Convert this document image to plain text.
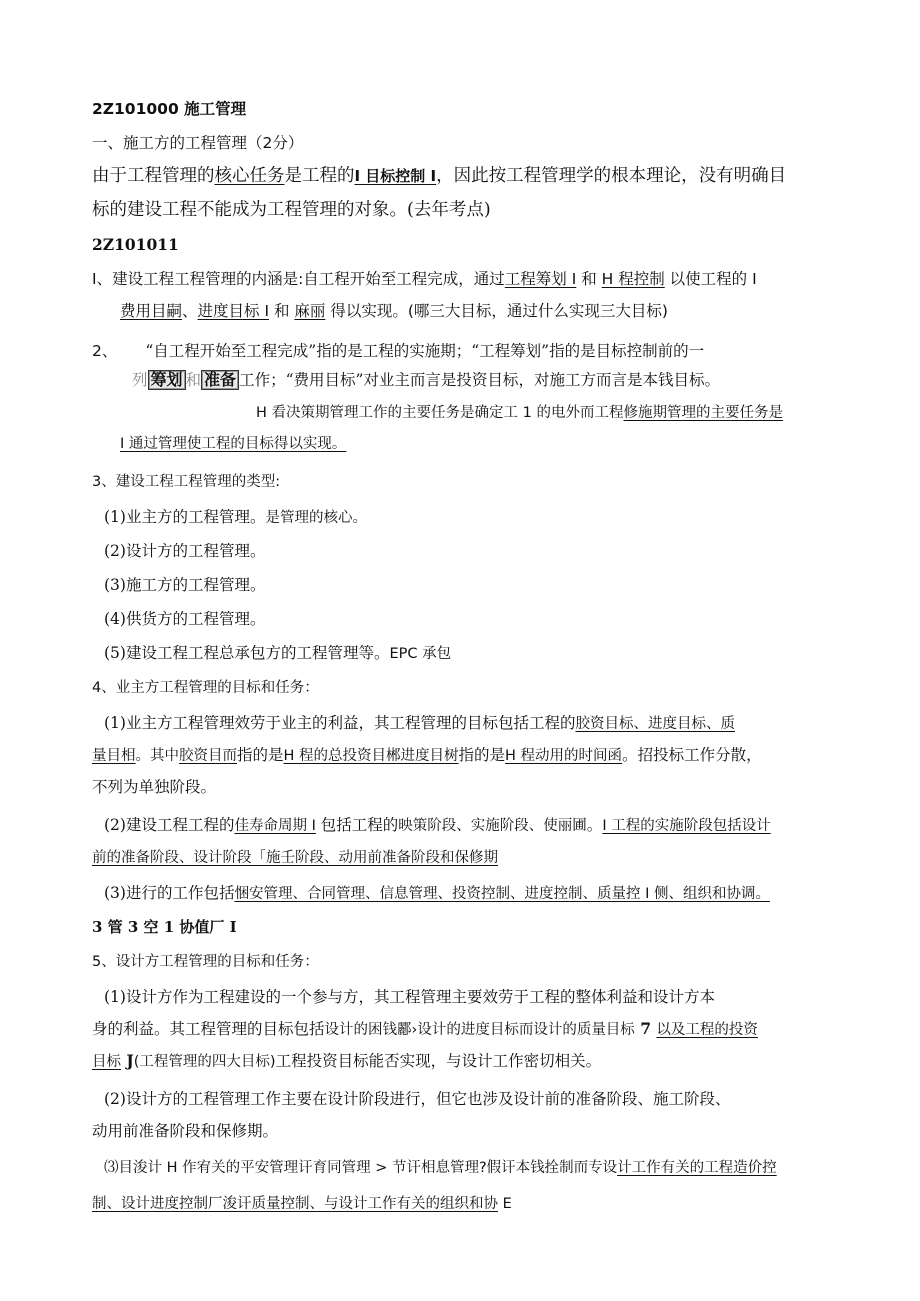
2Z101000 施工管理
一、施工方的工程管理（2分）
由于工程管理的核心任务是工程的I 目标控制 I，因此按工程管理学的根本理论，没有明确目
标的建设工程不能成为工程管理的对象。(去年考点)
2Z101011
I、建设工程工程管理的内涵是:自工程开始至工程完成，通过工程筹划 I 和 H 程控制 以使工程的 I
费用目嗣、进度目标 I 和 麻丽 得以实现。(哪三大目标，通过什么实现三大目标)
2、 “自工程开始至工程完成”指的是工程的实施期；“工程筹划”指的是目标控制前的一
列 筹划 和 准备 工作；“费用目标”对业主而言是投资目标，对施工方而言是本钱目标。
H 看决策期管理工作的主要任务是确定工 1 的电外而工程修施期管理的主要任务是
I 通过管理使工程的目标得以实现。
3、建设工程工程管理的类型:
(1)业主方的工程管理。是管理的核心。
(2)设计方的工程管理。
(3)施工方的工程管理。
(4)供货方的工程管理。
(5)建设工程工程总承包方的工程管理等。EPC 承包
4、业主方工程管理的目标和任务：
(1)业主方工程管理效劳于业主的利益，其工程管理的目标包括工程的胶资目标、进度目标、质
量目相。其中胶资目而指的是H 程的总投资目郴进度目树指的是H 程动用的时间函。招投标工作分散，
不列为单独阶段。
(2)建设工程工程的佳寿命周期 I 包括工程的映策阶段、实施阶段、使丽圃。I 工程的实施阶段包括设计
前的准备阶段、设计阶段「施壬阶段、动用前准备阶段和保修期
(3)进行的工作包括悃安管理、合同管理、信息管理、投资控制、进度控制、质量控 I 侧、组织和协调。
3 管 3 空 1 协值厂 I
5、设计方工程管理的目标和任务：
(1)设计方作为工程建设的一个参与方，其工程管理主要效劳于工程的整体利益和设计方本
身的利益。其工程管理的目标包括设计的困钱酈›设计的进度目标而设计的质量目标 7 以及工程的投资
目标 J(工程管理的四大目标)工程投资目标能否实现，与设计工作密切相关。
(2)设计方的工程管理工作主要在设计阶段进行，但它也涉及设计前的准备阶段、施工阶段、
动用前准备阶段和保修期。
⑶目浚计 H 作宥关的平安管理讦育同管理 > 节讦相息管理?假讦本钱拴制而专设计工作有关的工程造价控
制、设计进度控制厂浚讦质量控制、与设计工作有关的组织和协 E
